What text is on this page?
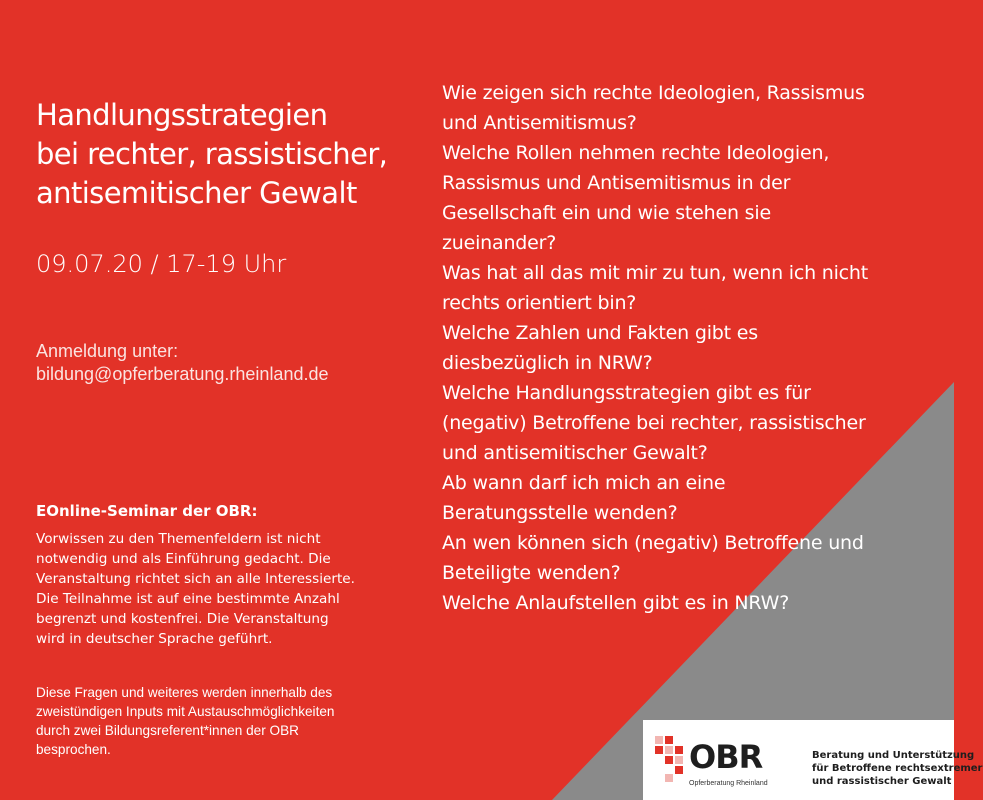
Handlungsstrategien
bei rechter, rassistischer,
antisemitischer Gewalt
09.07.20 / 17-19 Uhr
Anmeldung unter:
bildung@opferberatung.rheinland.de
EOnline-Seminar der OBR:
Vorwissen zu den Themenfeldern ist nicht
notwendig und als Einführung gedacht. Die
Veranstaltung richtet sich an alle Interessierte.
Die Teilnahme ist auf eine bestimmte Anzahl
begrenzt und kostenfrei. Die Veranstaltung
wird in deutscher Sprache geführt.
Diese Fragen und weiteres werden innerhalb des
zweistündigen Inputs mit Austauschmöglichkeiten
durch zwei Bildungsreferent*innen der OBR
besprochen.
Wie zeigen sich rechte Ideologien, Rassismus
und Antisemitismus?
Welche Rollen nehmen rechte Ideologien,
Rassismus und Antisemitismus in der
Gesellschaft ein und wie stehen sie
zueinander?
Was hat all das mit mir zu tun, wenn ich nicht
rechts orientiert bin?
Welche Zahlen und Fakten gibt es
diesbezüglich in NRW?
Welche Handlungsstrategien gibt es für
(negativ) Betroffene bei rechter, rassistischer
und antisemitischer Gewalt?
Ab wann darf ich mich an eine
Beratungsstelle wenden?
An wen können sich (negativ) Betroffene und
Beteiligte wenden?
Welche Anlaufstellen gibt es in NRW?
OBR
Opferberatung Rheinland
Beratung und Unterstützung
für Betroffene rechtsextremer
und rassistischer Gewalt
